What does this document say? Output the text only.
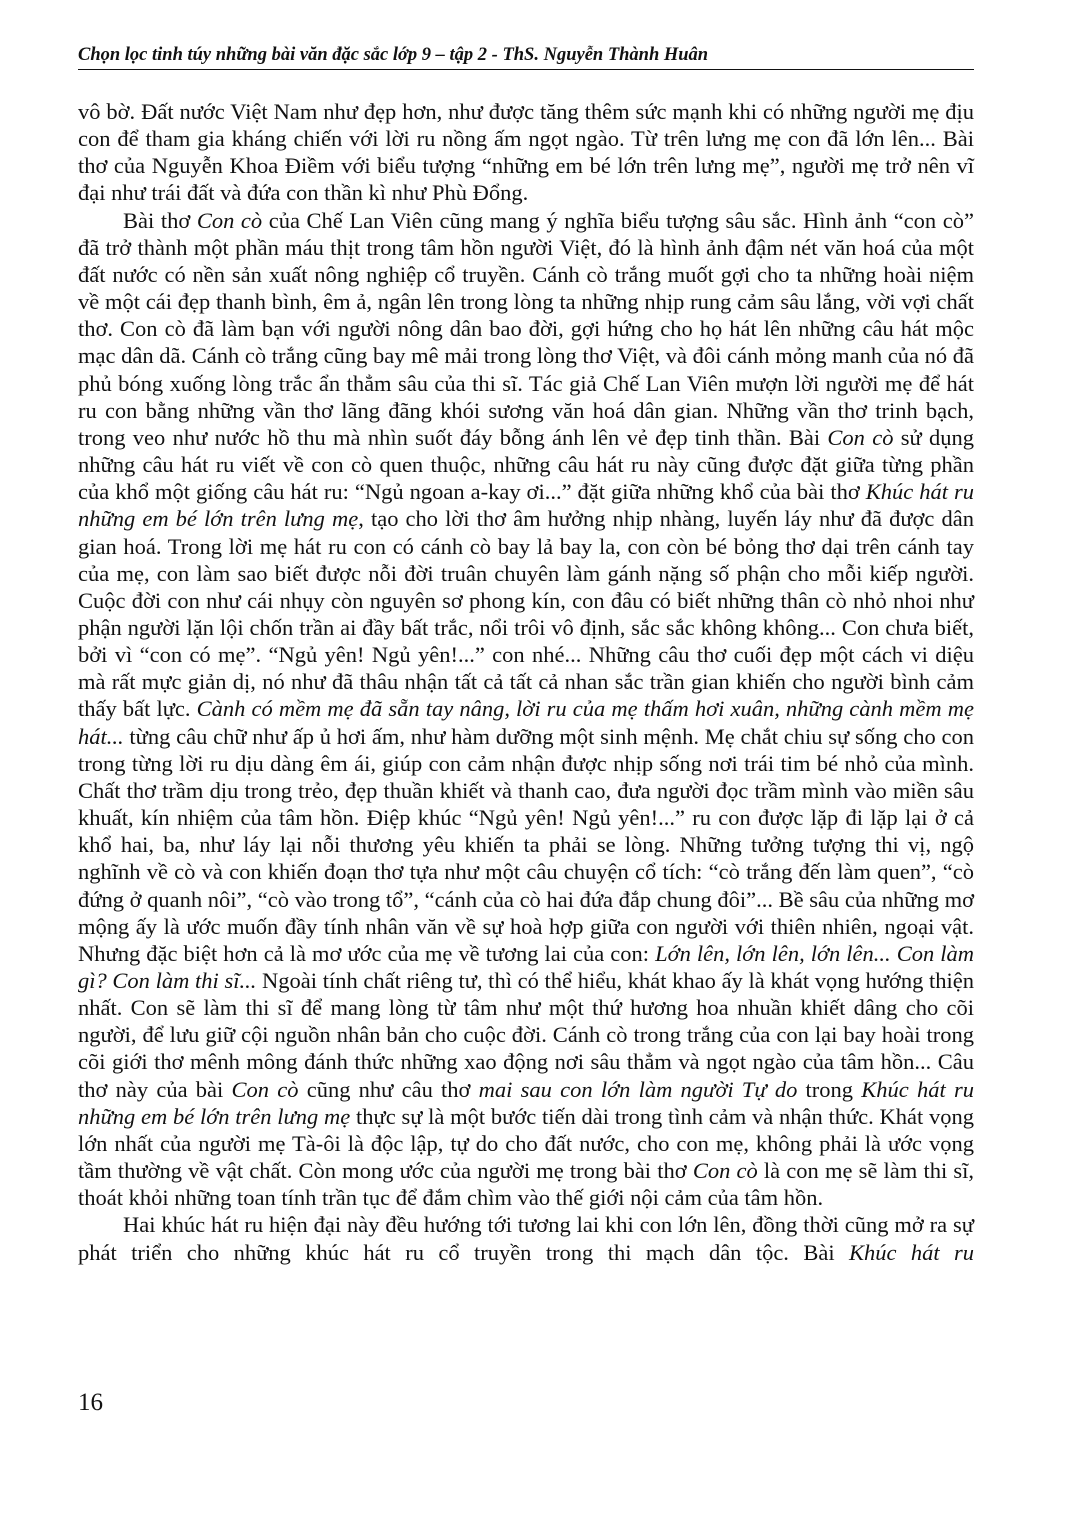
Chọn lọc tinh túy những bài văn đặc sắc lớp 9 – tập 2 - ThS. Nguyễn Thành Huân

vô bờ. Đất nước Việt Nam như đẹp hơn, như được tăng thêm sức mạnh khi có những người mẹ địu con để tham gia kháng chiến với lời ru nồng ấm ngọt ngào. Từ trên lưng mẹ con đã lớn lên... Bài thơ của Nguyễn Khoa Điềm với biểu tượng “những em bé lớn trên lưng mẹ”, người mẹ trở nên vĩ đại như trái đất và đứa con thần kì như Phù Đổng.

Bài thơ Con cò của Chế Lan Viên cũng mang ý nghĩa biểu tượng sâu sắc. Hình ảnh “con cò” đã trở thành một phần máu thịt trong tâm hồn người Việt, đó là hình ảnh đậm nét văn hoá của một đất nước có nền sản xuất nông nghiệp cổ truyền. Cánh cò trắng muốt gợi cho ta những hoài niệm về một cái đẹp thanh bình, êm ả, ngân lên trong lòng ta những nhịp rung cảm sâu lắng, vời vợi chất thơ. Con cò đã làm bạn với người nông dân bao đời, gợi hứng cho họ hát lên những câu hát mộc mạc dân dã. Cánh cò trắng cũng bay mê mải trong lòng thơ Việt, và đôi cánh mỏng manh của nó đã phủ bóng xuống lòng trắc ẩn thẳm sâu của thi sĩ. Tác giả Chế Lan Viên mượn lời người mẹ để hát ru con bằng những vần thơ lãng đãng khói sương văn hoá dân gian. Những vần thơ trinh bạch, trong veo như nước hồ thu mà nhìn suốt đáy bỗng ánh lên vẻ đẹp tinh thần. Bài Con cò sử dụng những câu hát ru viết về con cò quen thuộc, những câu hát ru này cũng được đặt giữa từng phần của khổ một giống câu hát ru: “Ngủ ngoan a-kay ơi...” đặt giữa những khổ của bài thơ Khúc hát ru những em bé lớn trên lưng mẹ, tạo cho lời thơ âm hưởng nhịp nhàng, luyến láy như đã được dân gian hoá. Trong lời mẹ hát ru con có cánh cò bay lả bay la, con còn bé bỏng thơ dại trên cánh tay của mẹ, con làm sao biết được nỗi đời truân chuyên làm gánh nặng số phận cho mỗi kiếp người. Cuộc đời con như cái nhụy còn nguyên sơ phong kín, con đâu có biết những thân cò nhỏ nhoi như phận người lặn lội chốn trần ai đầy bất trắc, nổi trôi vô định, sắc sắc không không... Con chưa biết, bởi vì “con có mẹ”. “Ngủ yên! Ngủ yên!...” con nhé... Những câu thơ cuối đẹp một cách vi diệu mà rất mực giản dị, nó như đã thâu nhận tất cả tất cả nhan sắc trần gian khiến cho người bình cảm thấy bất lực. Cành có mềm mẹ đã sẵn tay nâng, lời ru của mẹ thấm hơi xuân, những cành mềm mẹ hát... từng câu chữ như ấp ủ hơi ấm, như hàm dưỡng một sinh mệnh. Mẹ chắt chiu sự sống cho con trong từng lời ru dịu dàng êm ái, giúp con cảm nhận được nhịp sống nơi trái tim bé nhỏ của mình. Chất thơ trầm dịu trong trẻo, đẹp thuần khiết và thanh cao, đưa người đọc trầm mình vào miền sâu khuất, kín nhiệm của tâm hồn. Điệp khúc “Ngủ yên! Ngủ yên!...” ru con được lặp đi lặp lại ở cả khổ hai, ba, như láy lại nỗi thương yêu khiến ta phải se lòng. Những tưởng tượng thi vị, ngộ nghĩnh về cò và con khiến đoạn thơ tựa như một câu chuyện cổ tích: “cò trắng đến làm quen”, “cò đứng ở quanh nôi”, “cò vào trong tổ”, “cánh của cò hai đứa đắp chung đôi”... Bề sâu của những mơ mộng ấy là ước muốn đầy tính nhân văn về sự hoà hợp giữa con người với thiên nhiên, ngoại vật. Nhưng đặc biệt hơn cả là mơ ước của mẹ về tương lai của con: Lớn lên, lớn lên, lớn lên... Con làm gì? Con làm thi sĩ... Ngoài tính chất riêng tư, thì có thể hiểu, khát khao ấy là khát vọng hướng thiện nhất. Con sẽ làm thi sĩ để mang lòng từ tâm như một thứ hương hoa nhuần khiết dâng cho cõi người, để lưu giữ cội nguồn nhân bản cho cuộc đời. Cánh cò trong trắng của con lại bay hoài trong cõi giới thơ mênh mông đánh thức những xao động nơi sâu thẳm và ngọt ngào của tâm hồn... Câu thơ này của bài Con cò cũng như câu thơ mai sau con lớn làm người Tự do trong Khúc hát ru những em bé lớn trên lưng mẹ thực sự là một bước tiến dài trong tình cảm và nhận thức. Khát vọng lớn nhất của người mẹ Tà-ôi là độc lập, tự do cho đất nước, cho con mẹ, không phải là ước vọng tầm thường về vật chất. Còn mong ước của người mẹ trong bài thơ Con cò là con mẹ sẽ làm thi sĩ, thoát khỏi những toan tính trần tục để đắm chìm vào thế giới nội cảm của tâm hồn.

Hai khúc hát ru hiện đại này đều hướng tới tương lai khi con lớn lên, đồng thời cũng mở ra sự phát triển cho những khúc hát ru cổ truyền trong thi mạch dân tộc. Bài Khúc hát ru

16
